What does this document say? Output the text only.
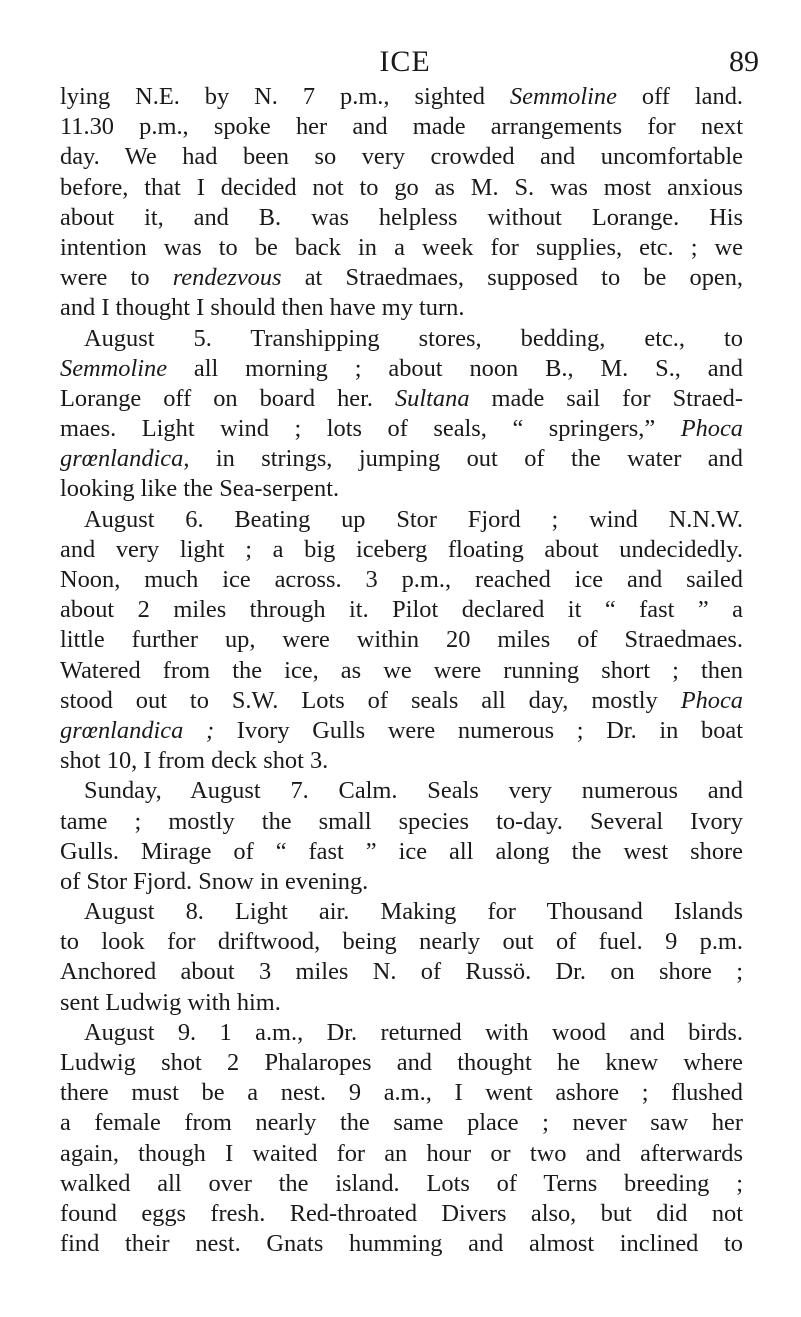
ICE	89
lying N.E. by N. 7 p.m., sighted Semmoline off land.
11.30 p.m., spoke her and made arrangements for next
day. We had been so very crowded and uncomfortable
before, that I decided not to go as M. S. was most anxious
about it, and B. was helpless without Lorange. His
intention was to be back in a week for supplies, etc. ; we
were to rendezvous at Straedmaes, supposed to be open,
and I thought I should then have my turn.
August 5. Transhipping stores, bedding, etc., to
Semmoline all morning ; about noon B., M. S., and
Lorange off on board her. Sultana made sail for Straed-
maes. Light wind ; lots of seals, “ springers,” Phoca
grœnlandica, in strings, jumping out of the water and
looking like the Sea-serpent.
August 6. Beating up Stor Fjord ; wind N.N.W.
and very light ; a big iceberg floating about undecidedly.
Noon, much ice across. 3 p.m., reached ice and sailed
about 2 miles through it. Pilot declared it “ fast ” a
little further up, were within 20 miles of Straedmaes.
Watered from the ice, as we were running short ; then
stood out to S.W. Lots of seals all day, mostly Phoca
grœnlandica ; Ivory Gulls were numerous ; Dr. in boat
shot 10, I from deck shot 3.
Sunday, August 7. Calm. Seals very numerous and
tame ; mostly the small species to-day. Several Ivory
Gulls. Mirage of “ fast ” ice all along the west shore
of Stor Fjord. Snow in evening.
August 8. Light air. Making for Thousand Islands
to look for driftwood, being nearly out of fuel. 9 p.m.
Anchored about 3 miles N. of Russö. Dr. on shore ;
sent Ludwig with him.
August 9. 1 a.m., Dr. returned with wood and birds.
Ludwig shot 2 Phalaropes and thought he knew where
there must be a nest. 9 a.m., I went ashore ; flushed
a female from nearly the same place ; never saw her
again, though I waited for an hour or two and afterwards
walked all over the island. Lots of Terns breeding ;
found eggs fresh. Red-throated Divers also, but did not
find their nest. Gnats humming and almost inclined to
